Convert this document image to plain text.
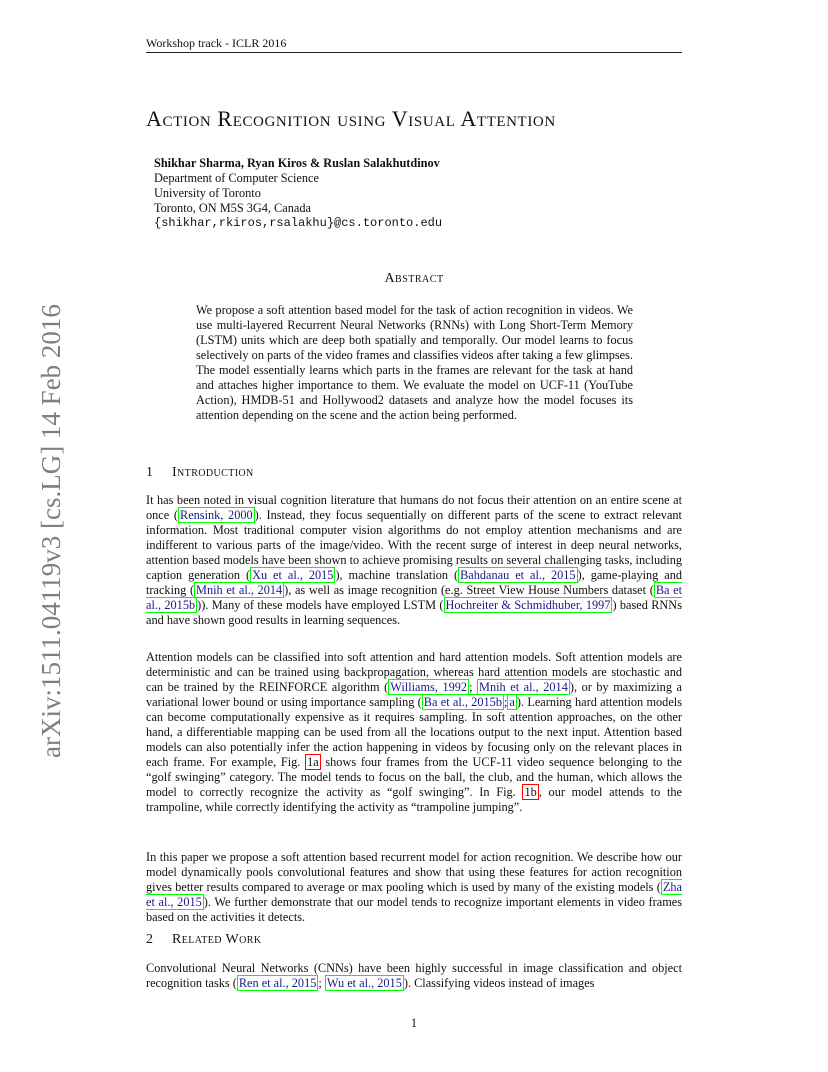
Workshop track - ICLR 2016
arXiv:1511.04119v3 [cs.LG] 14 Feb 2016
Action Recognition using Visual Attention
Shikhar Sharma, Ryan Kiros & Ruslan Salakhutdinov
Department of Computer Science
University of Toronto
Toronto, ON M5S 3G4, Canada
{shikhar,rkiros,rsalakhu}@cs.toronto.edu
Abstract
We propose a soft attention based model for the task of action recognition in videos. We use multi-layered Recurrent Neural Networks (RNNs) with Long Short-Term Memory (LSTM) units which are deep both spatially and temporally. Our model learns to focus selectively on parts of the video frames and classifies videos after taking a few glimpses. The model essentially learns which parts in the frames are relevant for the task at hand and attaches higher importance to them. We evaluate the model on UCF-11 (YouTube Action), HMDB-51 and Hollywood2 datasets and analyze how the model focuses its attention depending on the scene and the action being performed.
1 Introduction
It has been noted in visual cognition literature that humans do not focus their attention on an entire scene at once ( Rensink, 2000 ). Instead, they focus sequentially on different parts of the scene to extract relevant information. Most traditional computer vision algorithms do not employ attention mechanisms and are indifferent to various parts of the image/video. With the recent surge of interest in deep neural networks, attention based models have been shown to achieve promising results on several challenging tasks, including caption generation ( Xu et al., 2015 ), machine translation ( Bahdanau et al., 2015 ), game-playing and tracking ( Mnih et al., 2014 ), as well as image recognition (e.g. Street View House Numbers dataset ( Ba et al., 2015b )). Many of these models have employed LSTM ( Hochreiter & Schmidhuber, 1997 ) based RNNs and have shown good results in learning sequences.
Attention models can be classified into soft attention and hard attention models. Soft attention models are deterministic and can be trained using backpropagation, whereas hard attention models are stochastic and can be trained by the REINFORCE algorithm ( Williams, 1992 ; Mnih et al., 2014 ), or by maximizing a variational lower bound or using importance sampling ( Ba et al., 2015b ; a ). Learning hard attention models can become computationally expensive as it requires sampling. In soft attention approaches, on the other hand, a differentiable mapping can be used from all the locations output to the next input. Attention based models can also potentially infer the action happening in videos by focusing only on the relevant places in each frame. For example, Fig. 1a shows four frames from the UCF-11 video sequence belonging to the “golf swinging” category. The model tends to focus on the ball, the club, and the human, which allows the model to correctly recognize the activity as “golf swinging”. In Fig. 1b , our model attends to the trampoline, while correctly identifying the activity as “trampoline jumping”.
In this paper we propose a soft attention based recurrent model for action recognition. We describe how our model dynamically pools convolutional features and show that using these features for action recognition gives better results compared to average or max pooling which is used by many of the existing models ( Zha et al., 2015 ). We further demonstrate that our model tends to recognize important elements in video frames based on the activities it detects.
2 Related Work
Convolutional Neural Networks (CNNs) have been highly successful in image classification and object recognition tasks ( Ren et al., 2015 ; Wu et al., 2015 ). Classifying videos instead of images
1
